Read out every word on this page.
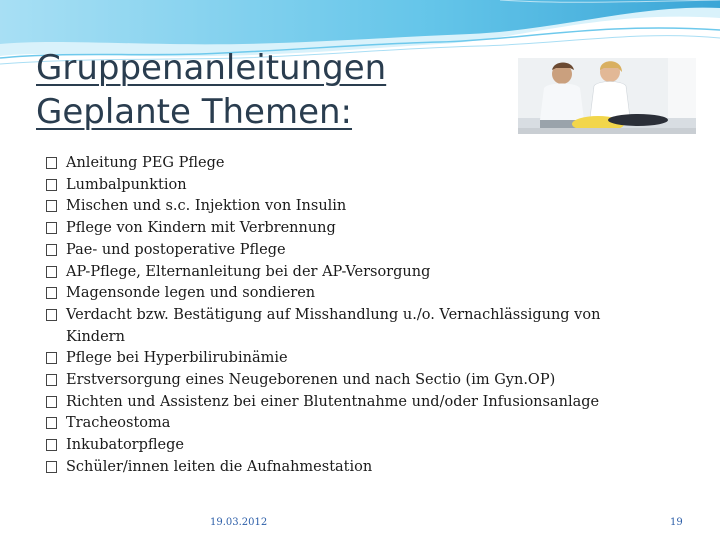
Gruppenanleitungen
Geplante Themen:
Anleitung PEG Pflege
Lumbalpunktion
Mischen und s.c. Injektion von Insulin
Pflege von Kindern mit Verbrennung
Pae- und postoperative Pflege
AP-Pflege, Elternanleitung bei der AP-Versorgung
Magensonde legen und sondieren
Verdacht bzw. Bestätigung auf Misshandlung u./o. Vernachlässigung von
Kindern
Pflege bei Hyperbilirubinämie
Erstversorgung eines Neugeborenen und nach Sectio (im Gyn.OP)
Richten und Assistenz bei einer Blutentnahme und/oder Infusionsanlage
Tracheostoma
Inkubatorpflege
Schüler/innen leiten die Aufnahmestation
19.03.2012	19
